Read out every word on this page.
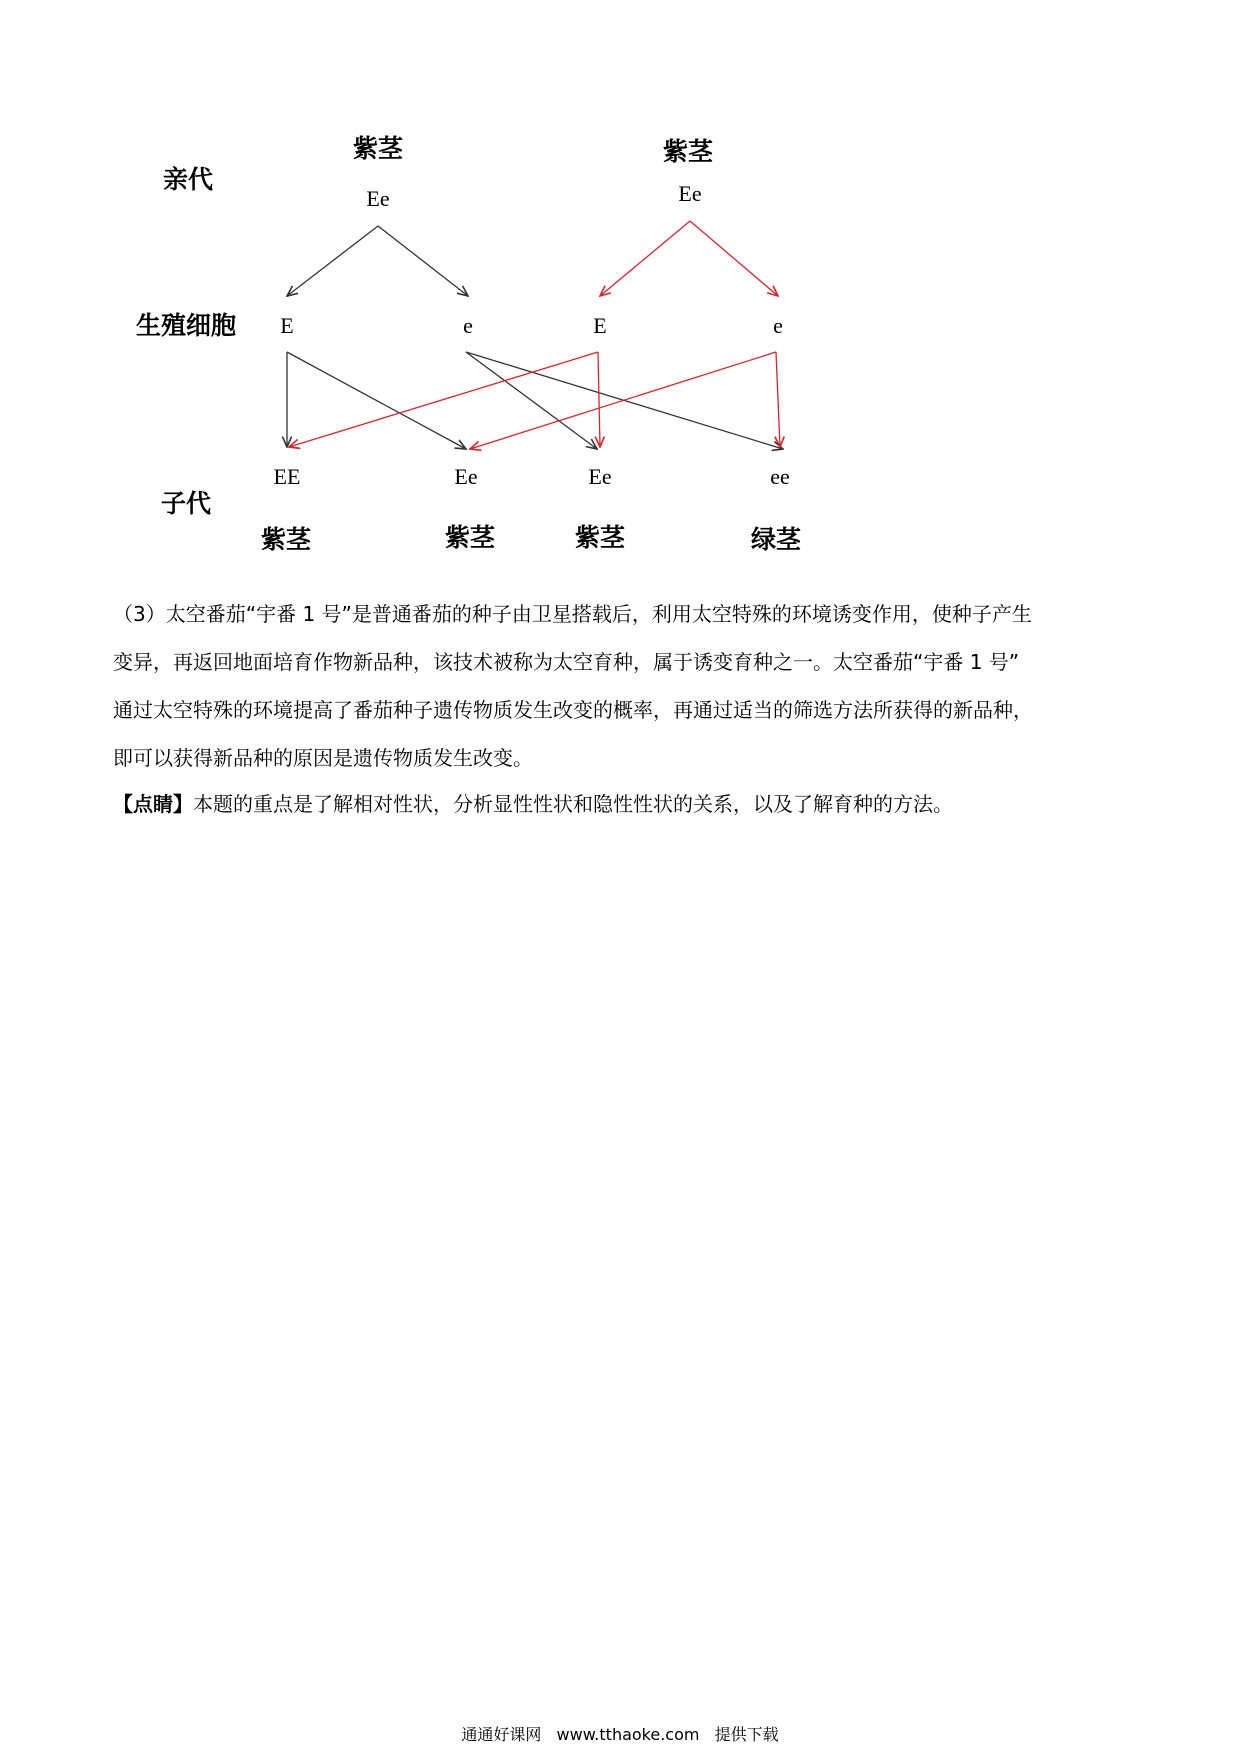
亲代
生殖细胞
子代
紫茎
Ee
紫茎
Ee
E	e	E	e
EE	Ee	Ee	ee
紫茎	紫茎	紫茎	绿茎

（3）太空番茄“宇番 1 号”是普通番茄的种子由卫星搭载后，利用太空特殊的环境诱变作用，使种子产生

变异，再返回地面培育作物新品种，该技术被称为太空育种，属于诱变育种之一。太空番茄“宇番 1 号”

通过太空特殊的环境提高了番茄种子遗传物质发生改变的概率，再通过适当的筛选方法所获得的新品种，

即可以获得新品种的原因是遗传物质发生改变。

【点睛】本题的重点是了解相对性状，分析显性性状和隐性性状的关系，以及了解育种的方法。
通通好课网 www.tthaoke.com 提供下载
